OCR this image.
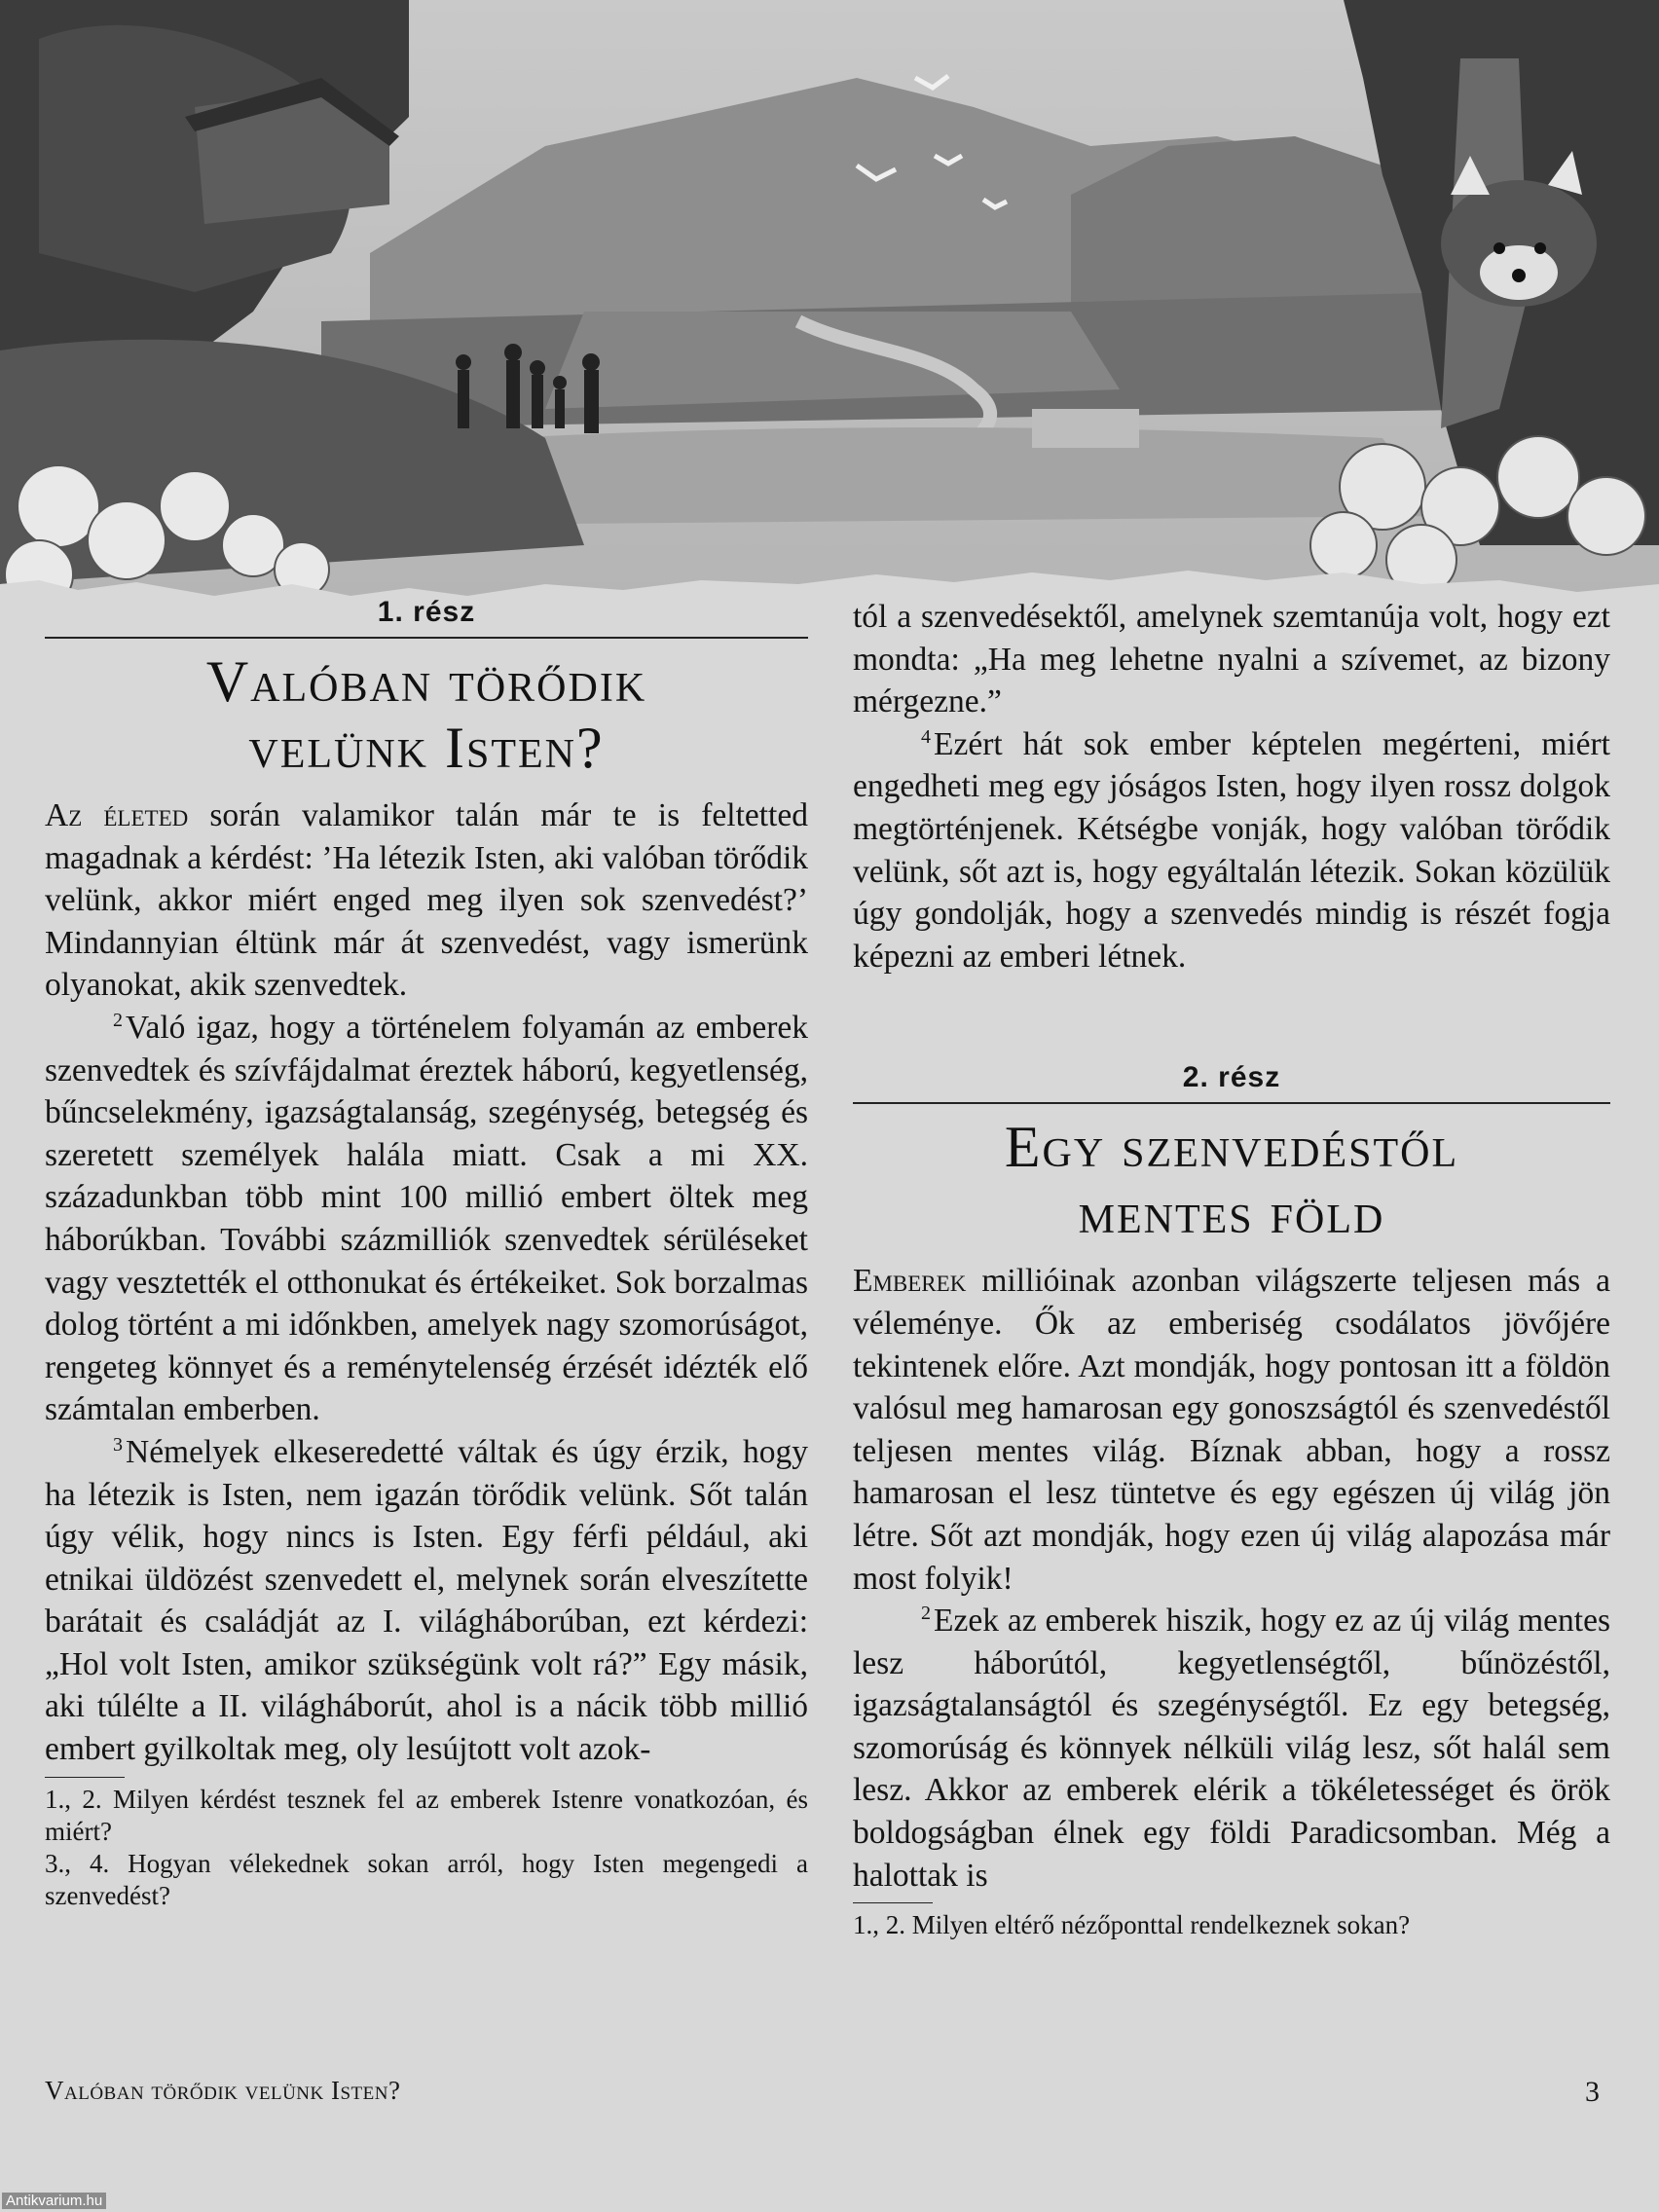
1. rész

Valóban törődik
velünk Isten?

Az életed során valamikor talán már te is feltetted magadnak a kérdést: ’Ha létezik Isten, aki valóban törődik velünk, akkor miért enged meg ilyen sok szenvedést?’ Mindannyian éltünk már át szenvedést, vagy ismerünk olyanokat, akik szenvedtek.

$^2$Való igaz, hogy a történelem folyamán az emberek szenvedtek és szívfájdalmat éreztek háború, kegyetlenség, bűncselekmény, igazságtalanság, szegénység, betegség és szeretett személyek halála miatt. Csak a mi XX. századunkban több mint 100 millió embert öltek meg háborúkban. További százmilliók szenvedtek sérüléseket vagy vesztették el otthonukat és értékeiket. Sok borzalmas dolog történt a mi időnkben, amelyek nagy szomorúságot, rengeteg könnyet és a reménytelenség érzését idézték elő számtalan emberben.

$^3$Némelyek elkeseredetté váltak és úgy érzik, hogy ha létezik is Isten, nem igazán törődik velünk. Sőt talán úgy vélik, hogy nincs is Isten. Egy férfi például, aki etnikai üldözést szenvedett el, melynek során elveszítette barátait és családját az I. világháborúban, ezt kérdezi: „Hol volt Isten, amikor szükségünk volt rá?” Egy másik, aki túlélte a II. világháborút, ahol is a nácik több millió embert gyilkoltak meg, oly lesújtott volt azok-

1., 2. Milyen kérdést tesznek fel az emberek Istenre vonatkozóan, és miért?

3., 4. Hogyan vélekednek sokan arról, hogy Isten megengedi a szenvedést?

tól a szenvedésektől, amelynek szemtanúja volt, hogy ezt mondta: „Ha meg lehetne nyalni a szívemet, az bizony mérgezne.”

$^4$Ezért hát sok ember képtelen megérteni, miért engedheti meg egy jóságos Isten, hogy ilyen rossz dolgok megtörténjenek. Kétségbe vonják, hogy valóban törődik velünk, sőt azt is, hogy egyáltalán létezik. Sokan közülük úgy gondolják, hogy a szenvedés mindig is részét fogja képezni az emberi létnek.

2. rész

Egy szenvedéstől
mentes föld

Emberek millióinak azonban világszerte teljesen más a véleménye. Ők az emberiség csodálatos jövőjére tekintenek előre. Azt mondják, hogy pontosan itt a földön valósul meg hamarosan egy gonoszságtól és szenvedéstől teljesen mentes világ. Bíznak abban, hogy a rossz hamarosan el lesz tüntetve és egy egészen új világ jön létre. Sőt azt mondják, hogy ezen új világ alapozása már most folyik!

$^2$Ezek az emberek hiszik, hogy ez az új világ mentes lesz háborútól, kegyetlenségtől, bűnözéstől, igazságtalanságtól és szegénységtől. Ez egy betegség, szomorúság és könnyek nélküli világ lesz, sőt halál sem lesz. Akkor az emberek elérik a tökéletességet és örök boldogságban élnek egy földi Paradicsomban. Még a halottak is

1., 2. Milyen eltérő nézőponttal rendelkeznek sokan?

Valóban törődik velünk Isten?	3
Antikvarium.hu
